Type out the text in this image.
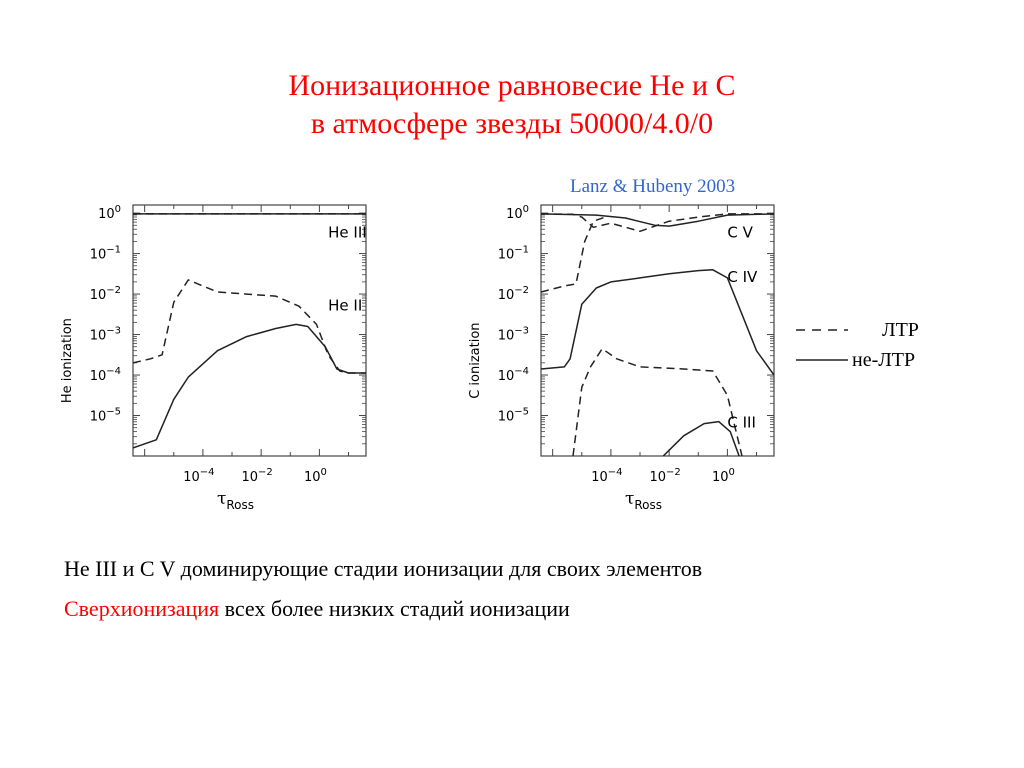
Ионизационное равновесие He и C
в атмосфере звезды 50000/4.0/0
Lanz & Hubeny 2003
$10^0$
$10^{-1}$
$10^{-2}$
$10^{-3}$
$10^{-4}$
$10^{-5}$
$10^{-4}$ $10^{-2}$ $10^0$
$\tau_{Ross}$
He ionization
He III
He II
$10^0$
$10^{-1}$
$10^{-2}$
$10^{-3}$
$10^{-4}$
$10^{-5}$
$10^{-4}$ $10^{-2}$ $10^0$
$\tau_{Ross}$
C ionization
C V
C IV
C III
ЛТР
не-ЛТР
He III и C V доминирующие стадии ионизации для своих элементов
Сверхионизация всех более низких стадий ионизации
